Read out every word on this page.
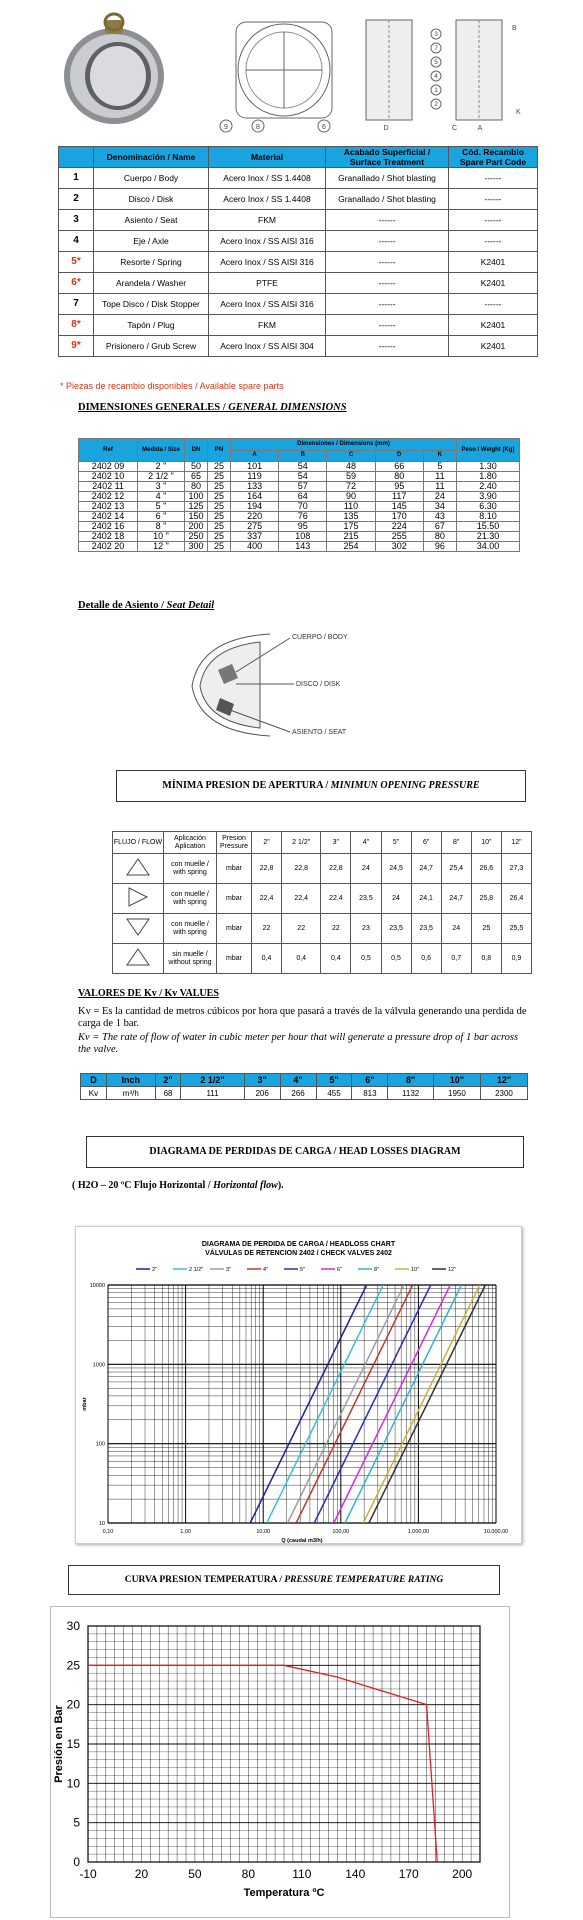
9	8	6
3
7
5
4
1
2
D	A
B
C
K
	Denominación / Name	Material	Acabado Superficial / Surface Treatment	Cód. Recambio Spare Part Code
1	Cuerpo / Body	Acero Inox / SS 1.4408	Granallado / Shot blasting	------
2	Disco / Disk	Acero Inox / SS 1.4408	Granallado / Shot blasting	------
3	Asiento / Seat	FKM	------	------
4	Eje / Axle	Acero Inox / SS AISI 316	------	------
5*	Resorte / Spring	Acero Inox / SS AISI 316	------	K2401
6*	Arandela / Washer	PTFE	------	K2401
7	Tope Disco / Disk Stopper	Acero Inox / SS AISI 316	------	------
8*	Tapón / Plug	FKM	------	K2401
9*	Prisionero / Grub Screw	Acero Inox / SS AISI 304	------	K2401
* Piezas de recambio disponibles / Available spare parts
DIMENSIONES GENERALES / GENERAL DIMENSIONS
Ref	Medida / Size	DN	PN	Dimensiones / Dimensions (mm)					Peso / Weight (Kg)
				A	B	C	D	K	
2402 09	2 "	50	25	101	54	48	66	5	1.30
2402 10	2 1/2 "	65	25	119	54	59	80	11	1.80
2402 11	3 "	80	25	133	57	72	95	11	2.40
2402 12	4 "	100	25	164	64	90	117	24	3.90
2402 13	5 "	125	25	194	70	110	145	34	6.30
2402 14	6 "	150	25	220	76	135	170	43	8.10
2402 16	8 "	200	25	275	95	175	224	67	15.50
2402 18	10 "	250	25	337	108	215	255	80	21.30
2402 20	12 "	300	25	400	143	254	302	96	34.00
Detalle de Asiento / Seat Detail
CUERPO / BODY
DISCO / DISK
ASIENTO / SEAT
MÍNIMA PRESION DE APERTURA / MINIMUN OPENING PRESSURE
FLUJO / FLOW	Aplicación Aplication	Presion Pressure	2"	2 1/2"	3"	4"	5"	6"	8"	10"	12"
	con muelle / with spring	mbar	22,8	22,8	22,8	24	24,5	24,7	25,4	26,6	27,3
	con muelle / with spring	mbar	22,4	22,4	22,4	23,5	24	24,1	24,7	25,8	26,4
	con muelle / with spring	mbar	22	22	22	23	23,5	23,5	24	25	25,5
	sin muelle / without spring	mbar	0,4	0,4	0,4	0,5	0,5	0,6	0,7	0,8	0,9
VALORES DE Kv / Kv VALUES
Kv = Es la cantidad de metros cúbicos por hora que pasará a través de la válvula generando una perdida de carga de 1 bar.
Kv = The rate of flow of water in cubic meter per hour that will generate a pressure drop of 1 bar across the valve.
D	Inch	2"	2 1/2"	3"	4"	5"	6"	8"	10"	12"
Kv	m³/h	68	111	206	266	455	813	1132	1950	2300
DIAGRAMA DE PERDIDAS DE CARGA / HEAD LOSSES DIAGRAM
( H2O – 20 ºC Flujo Horizontal / Horizontal flow).
DIAGRAMA DE PERDIDA DE CARGA / HEADLOSS CHART
VÁLVULAS DE RETENCION 2402 / CHECK VALVES 2402
2"	2 1/2"	3"	4"	5"	6"	8"	10"	12"
0,10	1,00	10,00	100,00	1.000,00	10.000,00
10
100
1000
10000
Q (caudal m3/h)
mbar
CURVA PRESION TEMPERATURA / PRESSURE TEMPERATURE RATING
-10	20	50	80	110	140	170	200
0
5
10
15
20
25
30
Temperatura ºC
Presión en Bar
